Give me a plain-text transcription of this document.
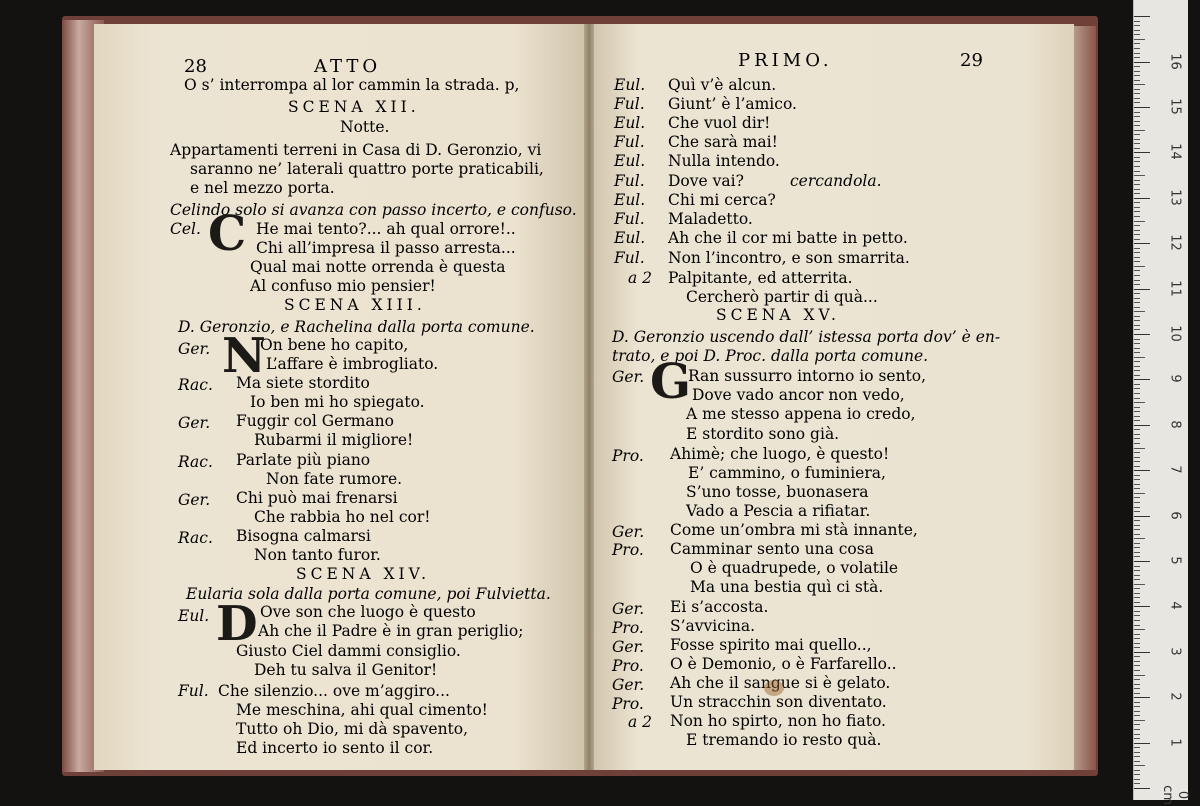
28	ATTO	PRIMO.	29
O s’ interrompa al lor cammin la strada. p,
SCENA XII.
Notte.
Appartamenti terreni in Casa di D. Geronzio, vi
saranno ne’ laterali quattro porte praticabili,
e nel mezzo porta.
Celindo solo si avanza con passo incerto, e confuso.
Cel.	He mai tento?... ah qual orrore!..
Chi all’impresa il passo arresta...
Qual mai notte orrenda è questa
Al confuso mio pensier!
SCENA XIII.
D. Geronzio, e Rachelina dalla porta comune.
Ger.	On bene ho capito,
L’affare è imbrogliato.
Rac. Ma siete stordito
Io ben mi ho spiegato.
Ger. Fuggir col Germano
Rubarmi il migliore!
Rac. Parlate più piano
Non fate rumore.
Ger. Chi può mai frenarsi
Che rabbia ho nel cor!
Rac. Bisogna calmarsi
Non tanto furor.
SCENA XIV.
Eularia sola dalla porta comune, poi Fulvietta.
Eul.	Ove son che luogo è questo
Ah che il Padre è in gran periglio;
Giusto Ciel dammi consiglio.
Deh tu salva il Genitor!
Ful. Che silenzio... ove m’aggiro...
Me meschina, ahi qual cimento!
Tutto oh Dio, mi dà spavento,
Ed incerto io sento il cor.
C
N
D
Eul. Quì v’è alcun.
Ful. Giunt’ è l’amico.
Eul. Che vuol dir!
Ful. Che sarà mai!
Eul. Nulla intendo.
Ful. Dove vai?	cercandola.
Eul. Chi mi cerca?
Ful. Maladetto.
Eul. Ah che il cor mi batte in petto.
Ful. Non l’incontro, e son smarrita.
a 2 Palpitante, ed atterrita.
Cercherò partir di quà...
SCENA XV.
D. Geronzio uscendo dall’ istessa porta dov’ è en-
trato, e poi D. Proc. dalla porta comune.
Ger.	Ran sussurro intorno io sento,
Dove vado ancor non vedo,
A me stesso appena io credo,
E stordito sono già.
Pro. Ahimè; che luogo, è questo!
E’ cammino, o fuminiera,
S’uno tosse, buonasera
Vado a Pescia a rifiatar.
Ger. Come un’ombra mi stà innante,
Pro. Camminar sento una cosa
O è quadrupede, o volatile
Ma una bestia quì ci stà.
Ger. Ei s’accosta.
Pro. S’avvicina.
Ger. Fosse spirito mai quello..,
Pro. O è Demonio, o è Farfarello..
Ger. Ah che il sangue si è gelato.
Pro. Un stracchin son diventato.
a 2 Non ho spirto, non ho fiato.
E tremando io resto quà.
G
0 cm
1
2
3
4
5
6
7
8
9
10
11
12
13
14
15
16
